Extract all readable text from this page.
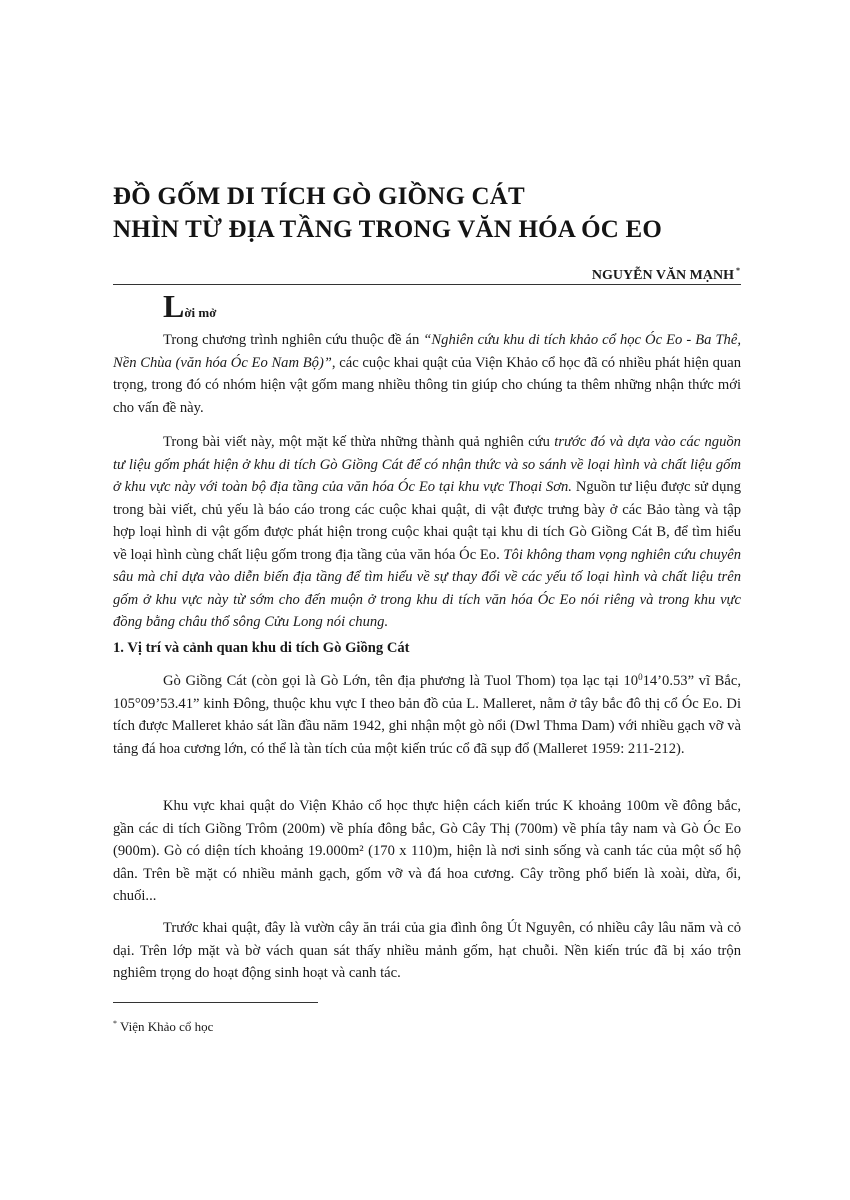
ĐỒ GỐM DI TÍCH GÒ GIỒNG CÁT
NHÌN TỪ ĐỊA TẦNG TRONG VĂN HÓA ÓC EO
NGUYỄN VĂN MẠNH *
Lời mở

Trong chương trình nghiên cứu thuộc đề án “Nghiên cứu khu di tích khảo cổ học Óc Eo - Ba Thê, Nền Chùa (văn hóa Óc Eo Nam Bộ)”, các cuộc khai quật của Viện Khảo cổ học đã có nhiều phát hiện quan trọng, trong đó có nhóm hiện vật gốm mang nhiều thông tin giúp cho chúng ta thêm những nhận thức mới cho vấn đề này.

Trong bài viết này, một mặt kế thừa những thành quả nghiên cứu trước đó và dựa vào các nguồn tư liệu gốm phát hiện ở khu di tích Gò Giồng Cát để có nhận thức và so sánh về loại hình và chất liệu gốm ở khu vực này với toàn bộ địa tầng của văn hóa Óc Eo tại khu vực Thoại Sơn. Nguồn tư liệu được sử dụng trong bài viết, chủ yếu là báo cáo trong các cuộc khai quật, di vật được trưng bày ở các Bảo tàng và tập hợp loại hình di vật gốm được phát hiện trong cuộc khai quật tại khu di tích Gò Giồng Cát B, để tìm hiểu về loại hình cùng chất liệu gốm trong địa tầng của văn hóa Óc Eo. Tôi không tham vọng nghiên cứu chuyên sâu mà chỉ dựa vào diễn biến địa tầng để tìm hiểu về sự thay đổi về các yếu tố loại hình và chất liệu trên gốm ở khu vực này từ sớm cho đến muộn ở trong khu di tích văn hóa Óc Eo nói riêng và trong khu vực đồng bằng châu thổ sông Cửu Long nói chung.

1. Vị trí và cảnh quan khu di tích Gò Giồng Cát

Gò Giồng Cát (còn gọi là Gò Lớn, tên địa phương là Tuol Thom) tọa lạc tại $10^014’0.53$” vĩ Bắc, 105°09’53.41” kinh Đông, thuộc khu vực I theo bản đồ của L. Malleret, nằm ở tây bắc đô thị cổ Óc Eo. Di tích được Malleret khảo sát lần đầu năm 1942, ghi nhận một gò nổi (Dwl Thma Dam) với nhiều gạch vỡ và tảng đá hoa cương lớn, có thể là tàn tích của một kiến trúc cổ đã sụp đổ (Malleret 1959: 211-212).

Khu vực khai quật do Viện Khảo cổ học thực hiện cách kiến trúc K khoảng 100m về đông bắc, gần các di tích Giồng Trôm (200m) về phía đông bắc, Gò Cây Thị (700m) về phía tây nam và Gò Óc Eo (900m). Gò có diện tích khoảng 19.000m² (170 x 110)m, hiện là nơi sinh sống và canh tác của một số hộ dân. Trên bề mặt có nhiều mảnh gạch, gốm vỡ và đá hoa cương. Cây trồng phổ biến là xoài, dừa, ổi, chuối...

Trước khai quật, đây là vườn cây ăn trái của gia đình ông Út Nguyên, có nhiều cây lâu năm và cỏ dại. Trên lớp mặt và bờ vách quan sát thấy nhiều mảnh gốm, hạt chuỗi. Nền kiến trúc đã bị xáo trộn nghiêm trọng do hoạt động sinh hoạt và canh tác.

* Viện Khảo cổ học
